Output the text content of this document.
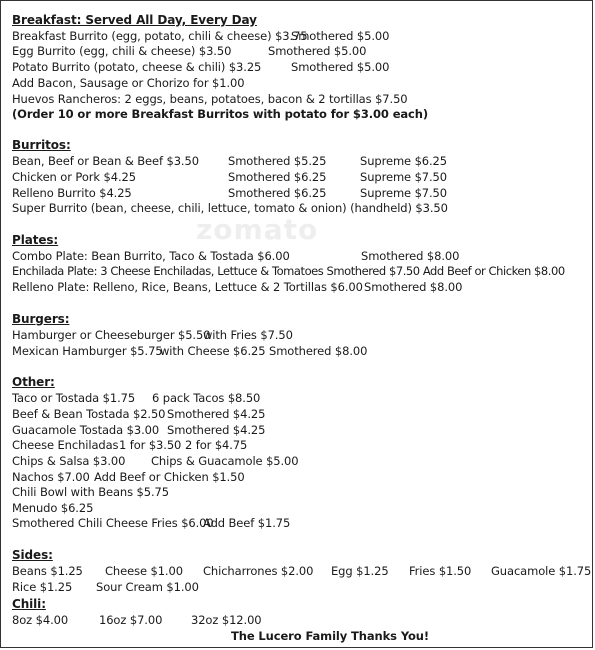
zomato
Breakfast: Served All Day, Every Day
Breakfast Burrito (egg, potato, chili & cheese) $3.75
Smothered $5.00
Egg Burrito (egg, chili & cheese) $3.50	Smothered $5.00
Potato Burrito (potato, cheese & chili) $3.25	Smothered $5.00
Add Bacon, Sausage or Chorizo for $1.00
Huevos Rancheros: 2 eggs, beans, potatoes, bacon & 2 tortillas $7.50
(Order 10 or more Breakfast Burritos with potato for $3.00 each)
Burritos:
Bean, Beef or Bean & Beef $3.50	Smothered $5.25	Supreme $6.25
Chicken or Pork $4.25	Smothered $6.25	Supreme $7.50
Relleno Burrito $4.25	Smothered $6.25	Supreme $7.50
Super Burrito (bean, cheese, chili, lettuce, tomato & onion) (handheld) $3.50
Plates:
Combo Plate: Bean Burrito, Taco & Tostada $6.00	Smothered $8.00
Enchilada Plate: 3 Cheese Enchiladas, Lettuce & Tomatoes Smothered $7.50 Add Beef or Chicken $8.00
Relleno Plate: Relleno, Rice, Beans, Lettuce & 2 Tortillas $6.00 Smothered $8.00
Burgers:
Hamburger or Cheeseburger $5.50
with Fries $7.50
Mexican Hamburger $5.75
with Cheese $6.25 Smothered $8.00
Other:
Taco or Tostada $1.75 6 pack Tacos $8.50
Beef & Bean Tostada $2.50 Smothered $4.25
Guacamole Tostada $3.00 Smothered $4.25
Cheese Enchiladas 1 for $3.50 2 for $4.75
Chips & Salsa $3.00 Chips & Guacamole $5.00
Nachos $7.00 Add Beef or Chicken $1.50
Chili Bowl with Beans $5.75
Menudo $6.25
Smothered Chili Cheese Fries $6.00
Add Beef $1.75
Sides:
Beans $1.25 Cheese $1.00 Chicharrones $2.00 Egg $1.25 Fries $1.50 Guacamole $1.75
Rice $1.25 Sour Cream $1.00
Chili:
8oz $4.00	16oz $7.00 32oz $12.00
The Lucero Family Thanks You!
